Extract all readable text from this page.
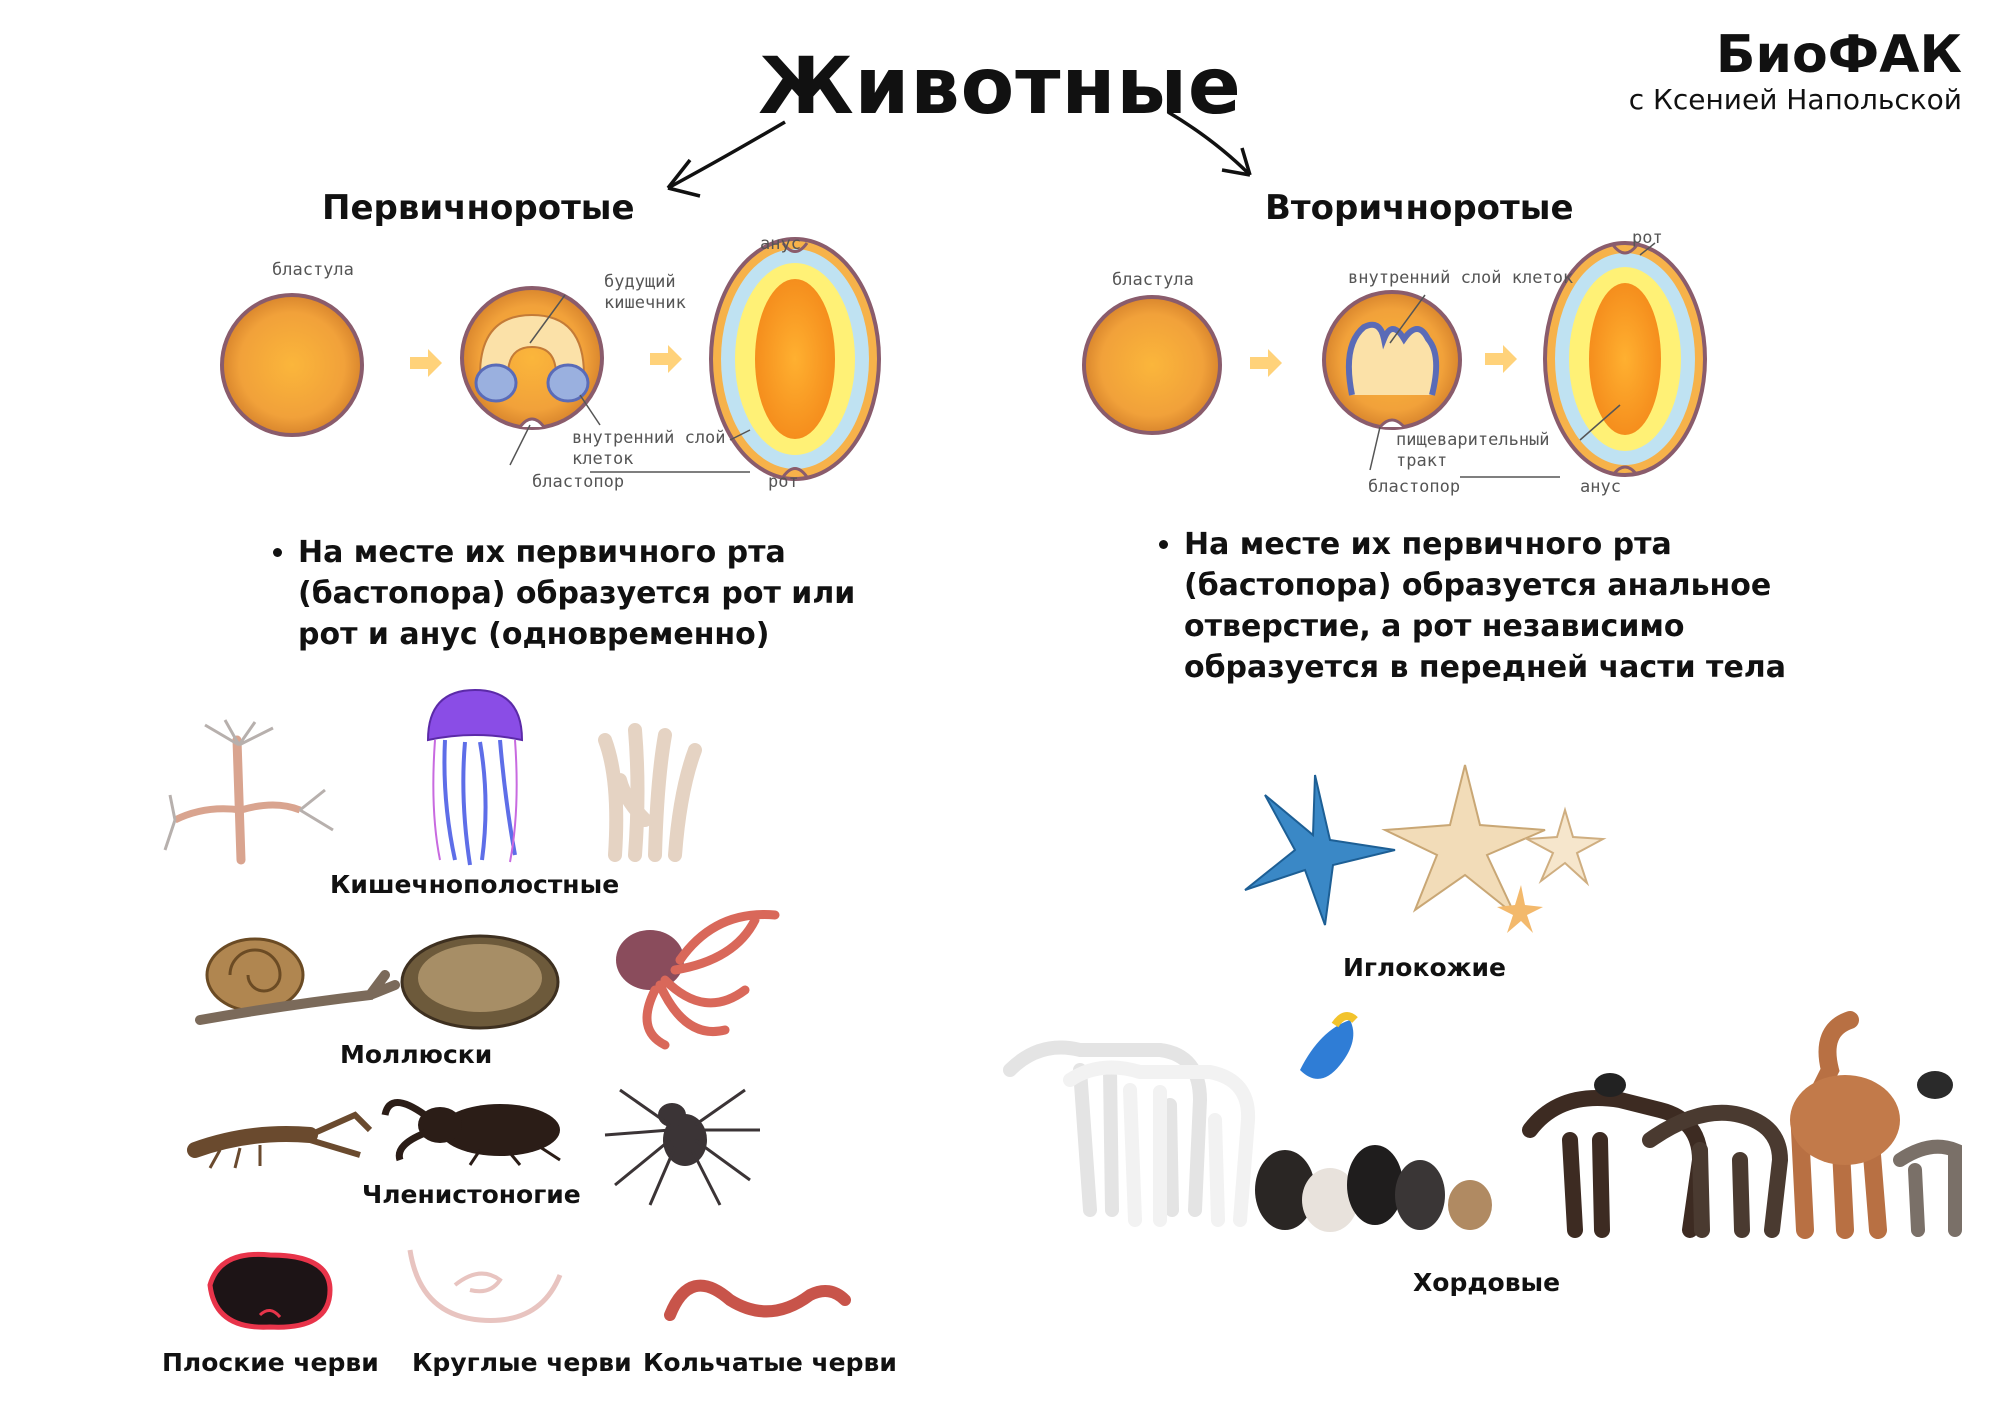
Животные	БиоФАК
с Ксенией Напольской
Первичноротые	Вторичноротые
бластула
будущий
кишечник
анус
внутренний слой
клеток
бластопор	рот
бластула	внутренний слой клеток
рот
пищеварительный
тракт
бластопор	анус
• На месте их первичного рта (бастопора) образуется рот или рот и анус (одновременно)
• На месте их первичного рта (бастопора) образуется анальное отверстие, а рот независимо образуется в передней части тела
Кишечнополостные
Моллюски
Членистоногие
Плоские черви Круглые черви Кольчатые черви
Иглокожие
Хордовые
